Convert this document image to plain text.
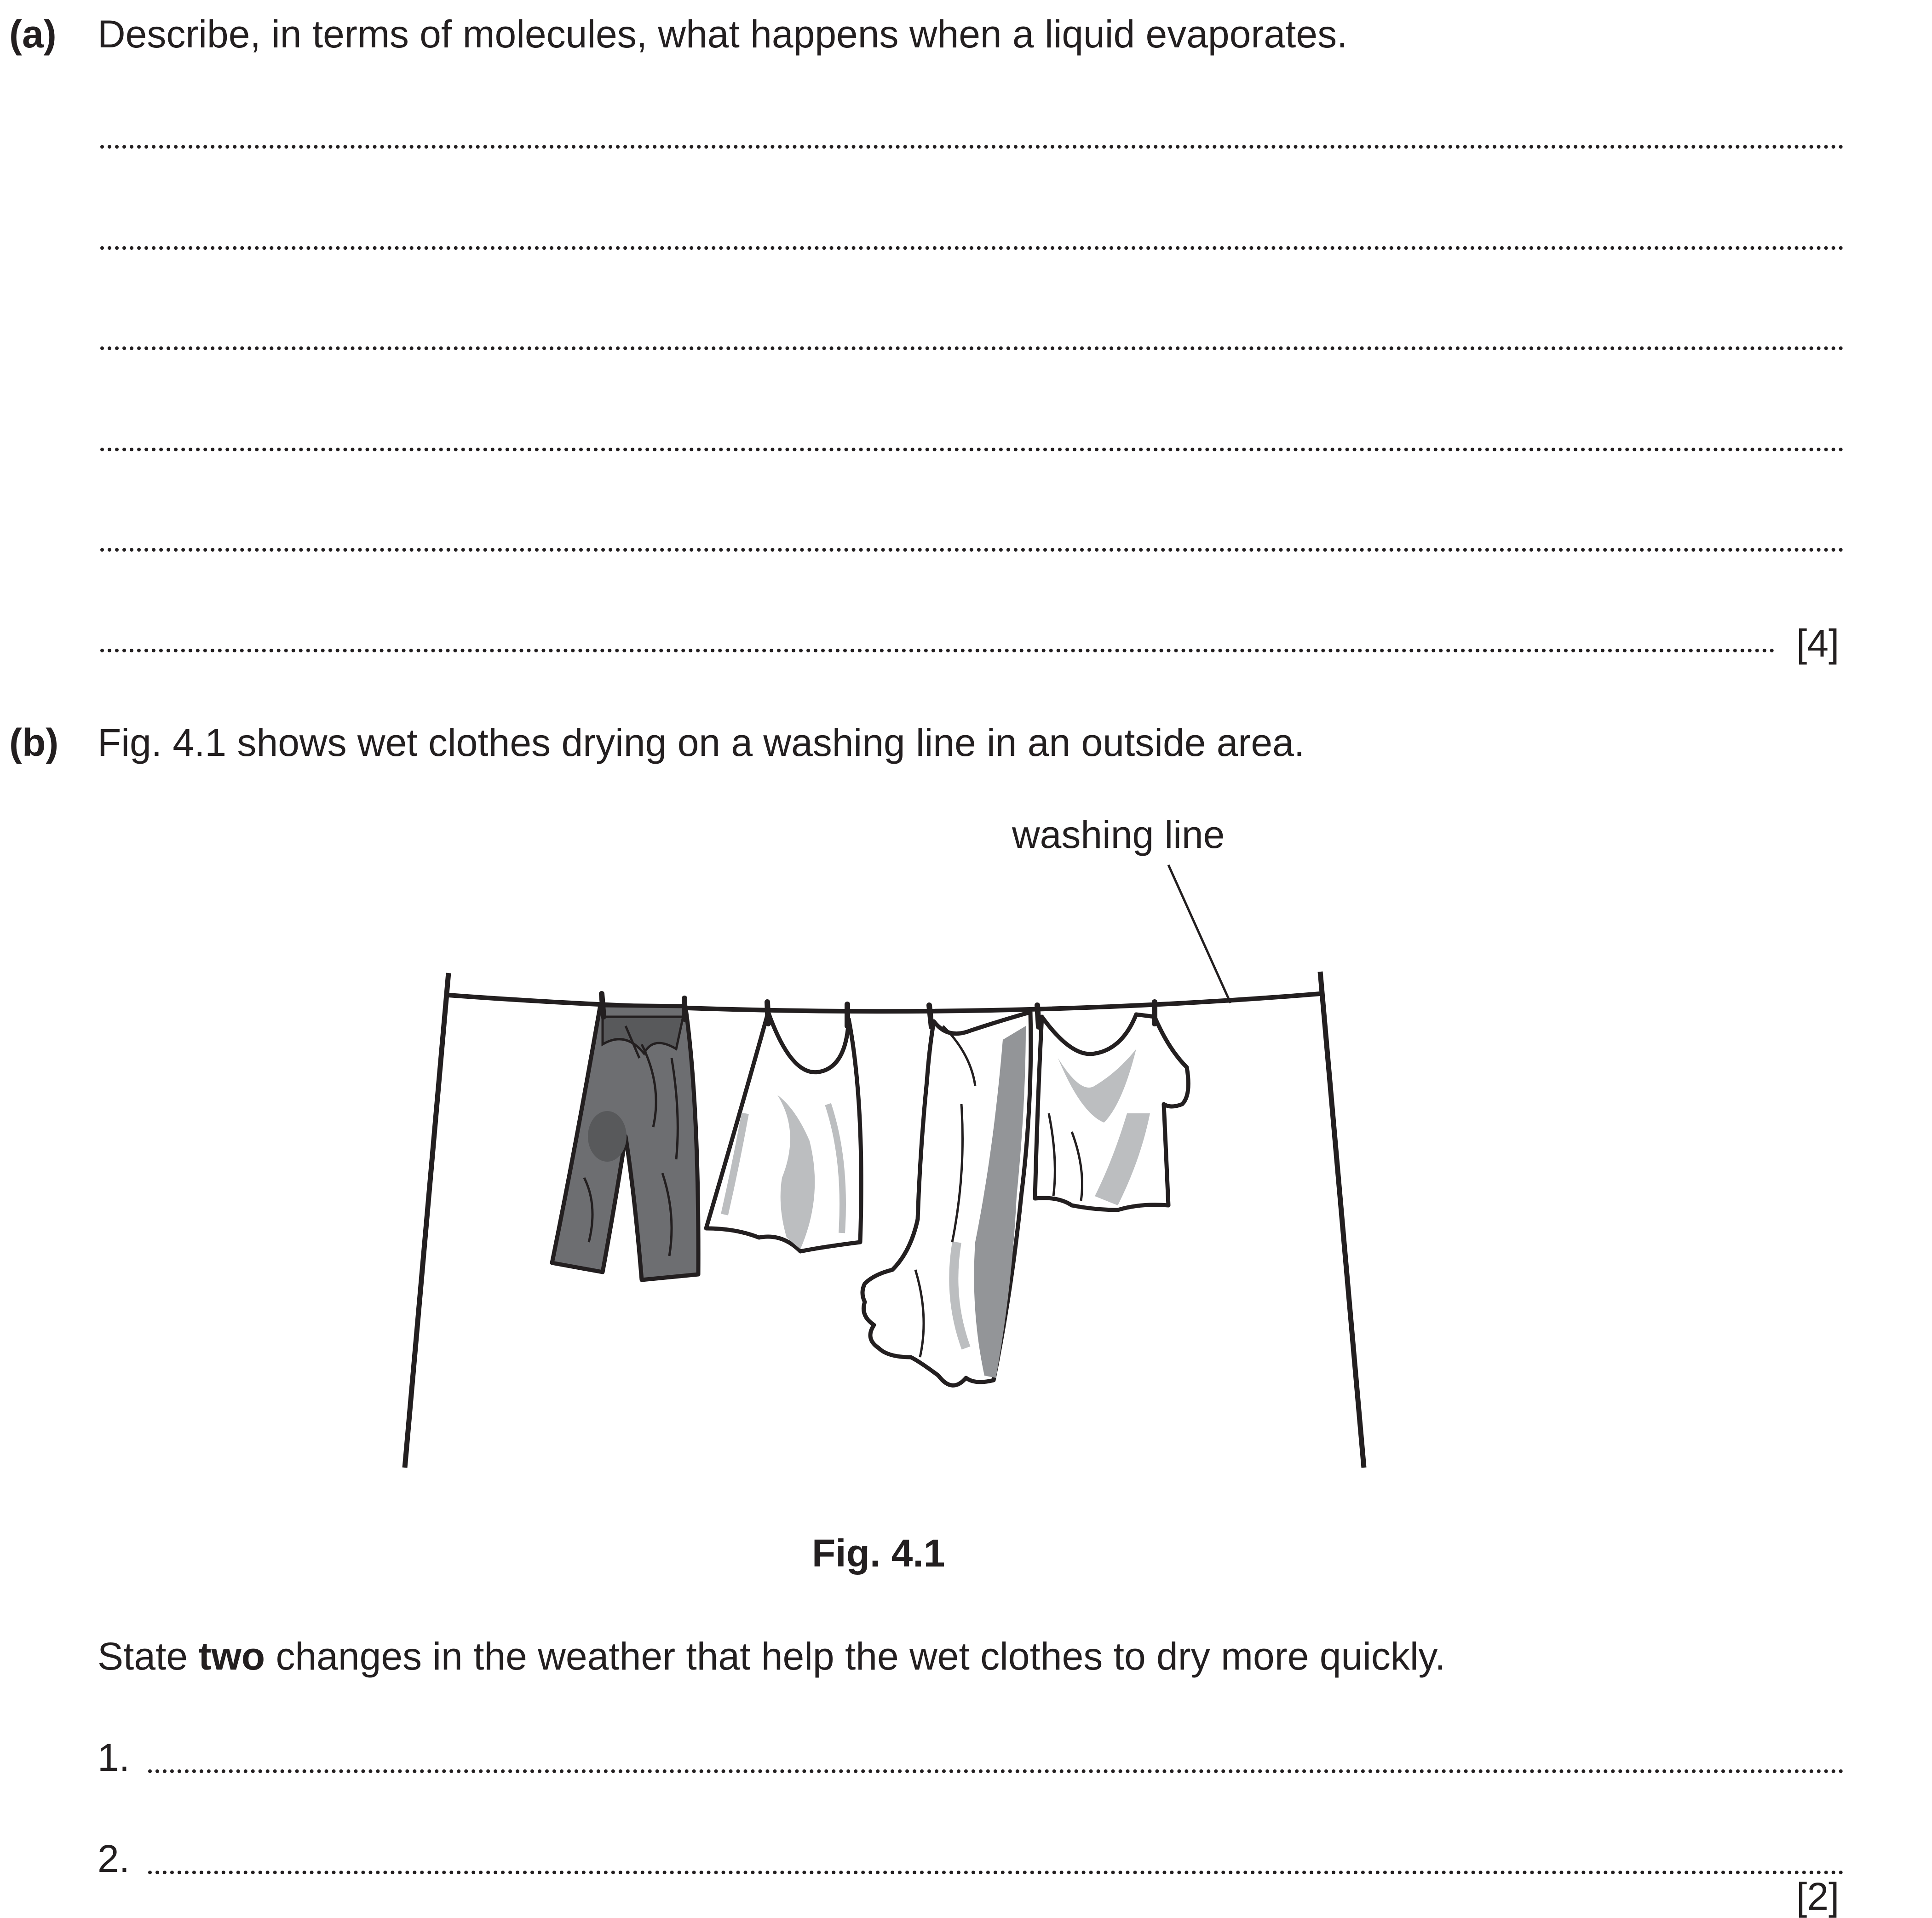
(a) Describe, in terms of molecules, what happens when a liquid evaporates.
[4]
(b) Fig. 4.1 shows wet clothes drying on a washing line in an outside area.
washing line
Fig. 4.1
State two changes in the weather that help the wet clothes to dry more quickly.
1.
2.
[2]
